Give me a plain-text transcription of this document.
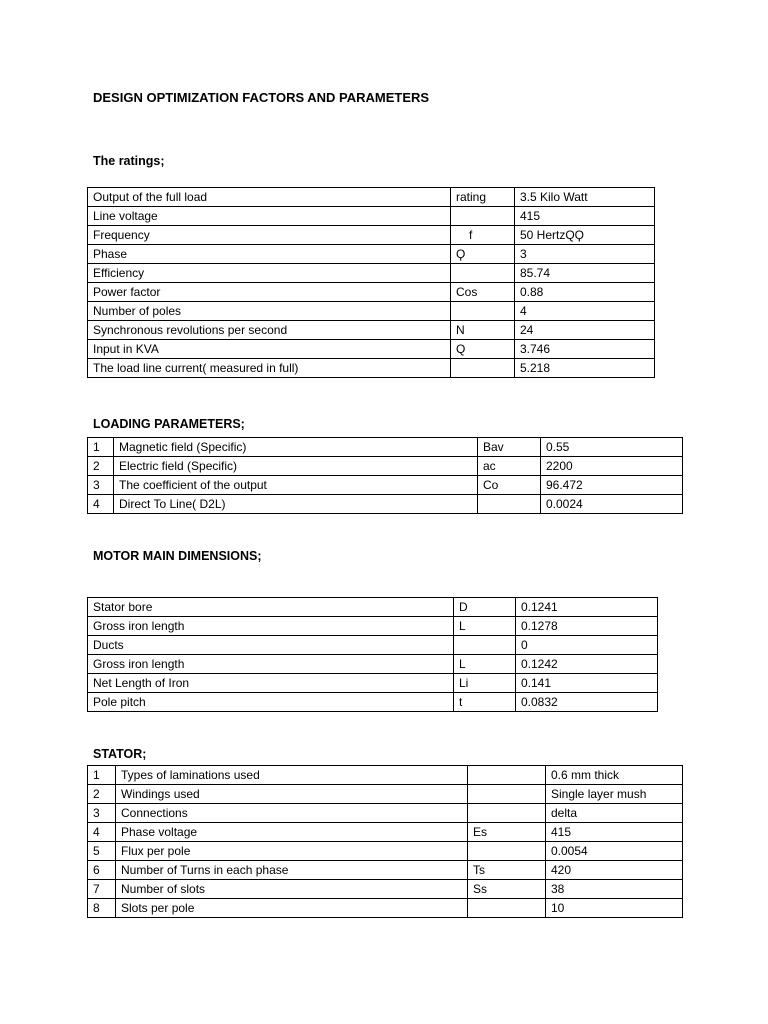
DESIGN OPTIMIZATION FACTORS AND PARAMETERS
The ratings;
Output of the full load	rating	3.5 Kilo Watt
Line voltage		415
Frequency	f	50 HertzQϘ
Phase	Ϙ	3
Efficiency		85.74
Power factor	Cos	0.88
Number of poles		4
Synchronous revolutions per second	N	24
Input in KVA	Q	3.746
The load line current( measured in full)		5.218
LOADING PARAMETERS;
1	Magnetic field (Specific)	Bav	0.55
2	Electric field (Specific)	ac	2200
3	The coefficient of the output	Co	96.472
4	Direct To Line( D2L)		0.0024
MOTOR MAIN DIMENSIONS;
Stator bore	D	0.1241
Gross iron length	L	0.1278
Ducts		0
Gross iron length	L	0.1242
Net Length of Iron	Li	0.141
Pole pitch	t	0.0832
STATOR;
1	Types of laminations used		0.6 mm thick
2	Windings used		Single layer mush
3	Connections		delta
4	Phase voltage	Es	415
5	Flux per pole		0.0054
6	Number of Turns in each phase	Ts	420
7	Number of slots	Ss	38
8	Slots per pole		10
